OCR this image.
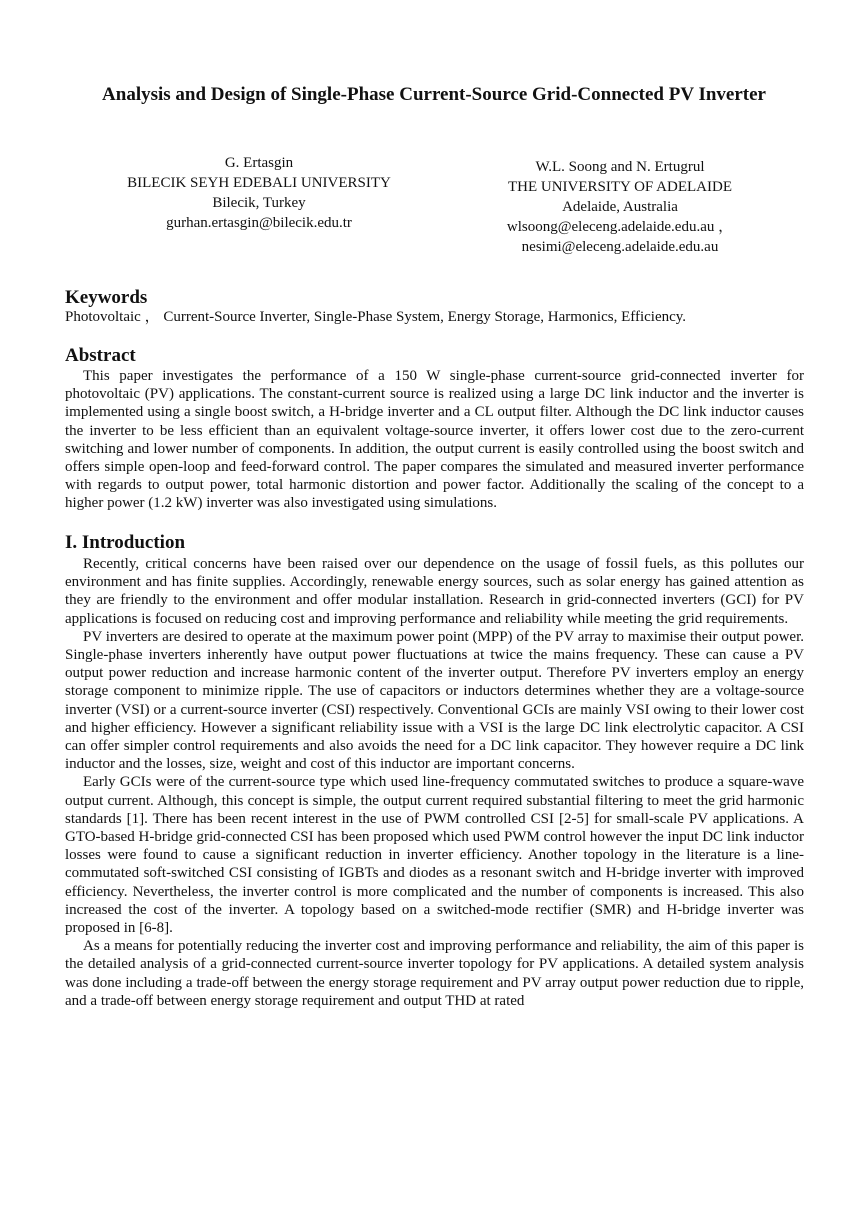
Analysis and Design of Single-Phase Current-Source Grid-Connected PV Inverter
G. Ertasgin
BILECIK SEYH EDEBALI UNIVERSITY
Bilecik, Turkey
gurhan.ertasgin@bilecik.edu.tr
W.L. Soong and N. Ertugrul
THE UNIVERSITY OF ADELAIDE
Adelaide, Australia
wlsoong@eleceng.adelaide.edu.au ，
nesimi@eleceng.adelaide.edu.au
Keywords

Photovoltaic ， Current-Source Inverter, Single-Phase System, Energy Storage, Harmonics, Efficiency.

Abstract

This paper investigates the performance of a 150 W single-phase current-source grid-connected inverter for photovoltaic (PV) applications. The constant-current source is realized using a large DC link inductor and the inverter is implemented using a single boost switch, a H-bridge inverter and a CL output filter. Although the DC link inductor causes the inverter to be less efficient than an equivalent voltage-source inverter, it offers lower cost due to the zero-current switching and lower number of components. In addition, the output current is easily controlled using the boost switch and offers simple open-loop and feed-forward control. The paper compares the simulated and measured inverter performance with regards to output power, total harmonic distortion and power factor. Additionally the scaling of the concept to a higher power (1.2 kW) inverter was also investigated using simulations.

I. Introduction

Recently, critical concerns have been raised over our dependence on the usage of fossil fuels, as this pollutes our environment and has finite supplies. Accordingly, renewable energy sources, such as solar energy has gained attention as they are friendly to the environment and offer modular installation. Research in grid-connected inverters (GCI) for PV applications is focused on reducing cost and improving performance and reliability while meeting the grid requirements.

PV inverters are desired to operate at the maximum power point (MPP) of the PV array to maximise their output power. Single-phase inverters inherently have output power fluctuations at twice the mains frequency. These can cause a PV output power reduction and increase harmonic content of the inverter output. Therefore PV inverters employ an energy storage component to minimize ripple. The use of capacitors or inductors determines whether they are a voltage-source inverter (VSI) or a current-source inverter (CSI) respectively. Conventional GCIs are mainly VSI owing to their lower cost and higher efficiency. However a significant reliability issue with a VSI is the large DC link electrolytic capacitor. A CSI can offer simpler control requirements and also avoids the need for a DC link capacitor. They however require a DC link inductor and the losses, size, weight and cost of this inductor are important concerns.

Early GCIs were of the current-source type which used line-frequency commutated switches to produce a square-wave output current. Although, this concept is simple, the output current required substantial filtering to meet the grid harmonic standards [1]. There has been recent interest in the use of PWM controlled CSI [2-5] for small-scale PV applications. A GTO-based H-bridge grid-connected CSI has been proposed which used PWM control however the input DC link inductor losses were found to cause a significant reduction in inverter efficiency. Another topology in the literature is a line-commutated soft-switched CSI consisting of IGBTs and diodes as a resonant switch and H-bridge inverter with improved efficiency. Nevertheless, the inverter control is more complicated and the number of components is increased. This also increased the cost of the inverter. A topology based on a switched-mode rectifier (SMR) and H-bridge inverter was proposed in [6-8].

As a means for potentially reducing the inverter cost and improving performance and reliability, the aim of this paper is the detailed analysis of a grid-connected current-source inverter topology for PV applications. A detailed system analysis was done including a trade-off between the energy storage requirement and PV array output power reduction due to ripple, and a trade-off between energy storage requirement and output THD at rated
